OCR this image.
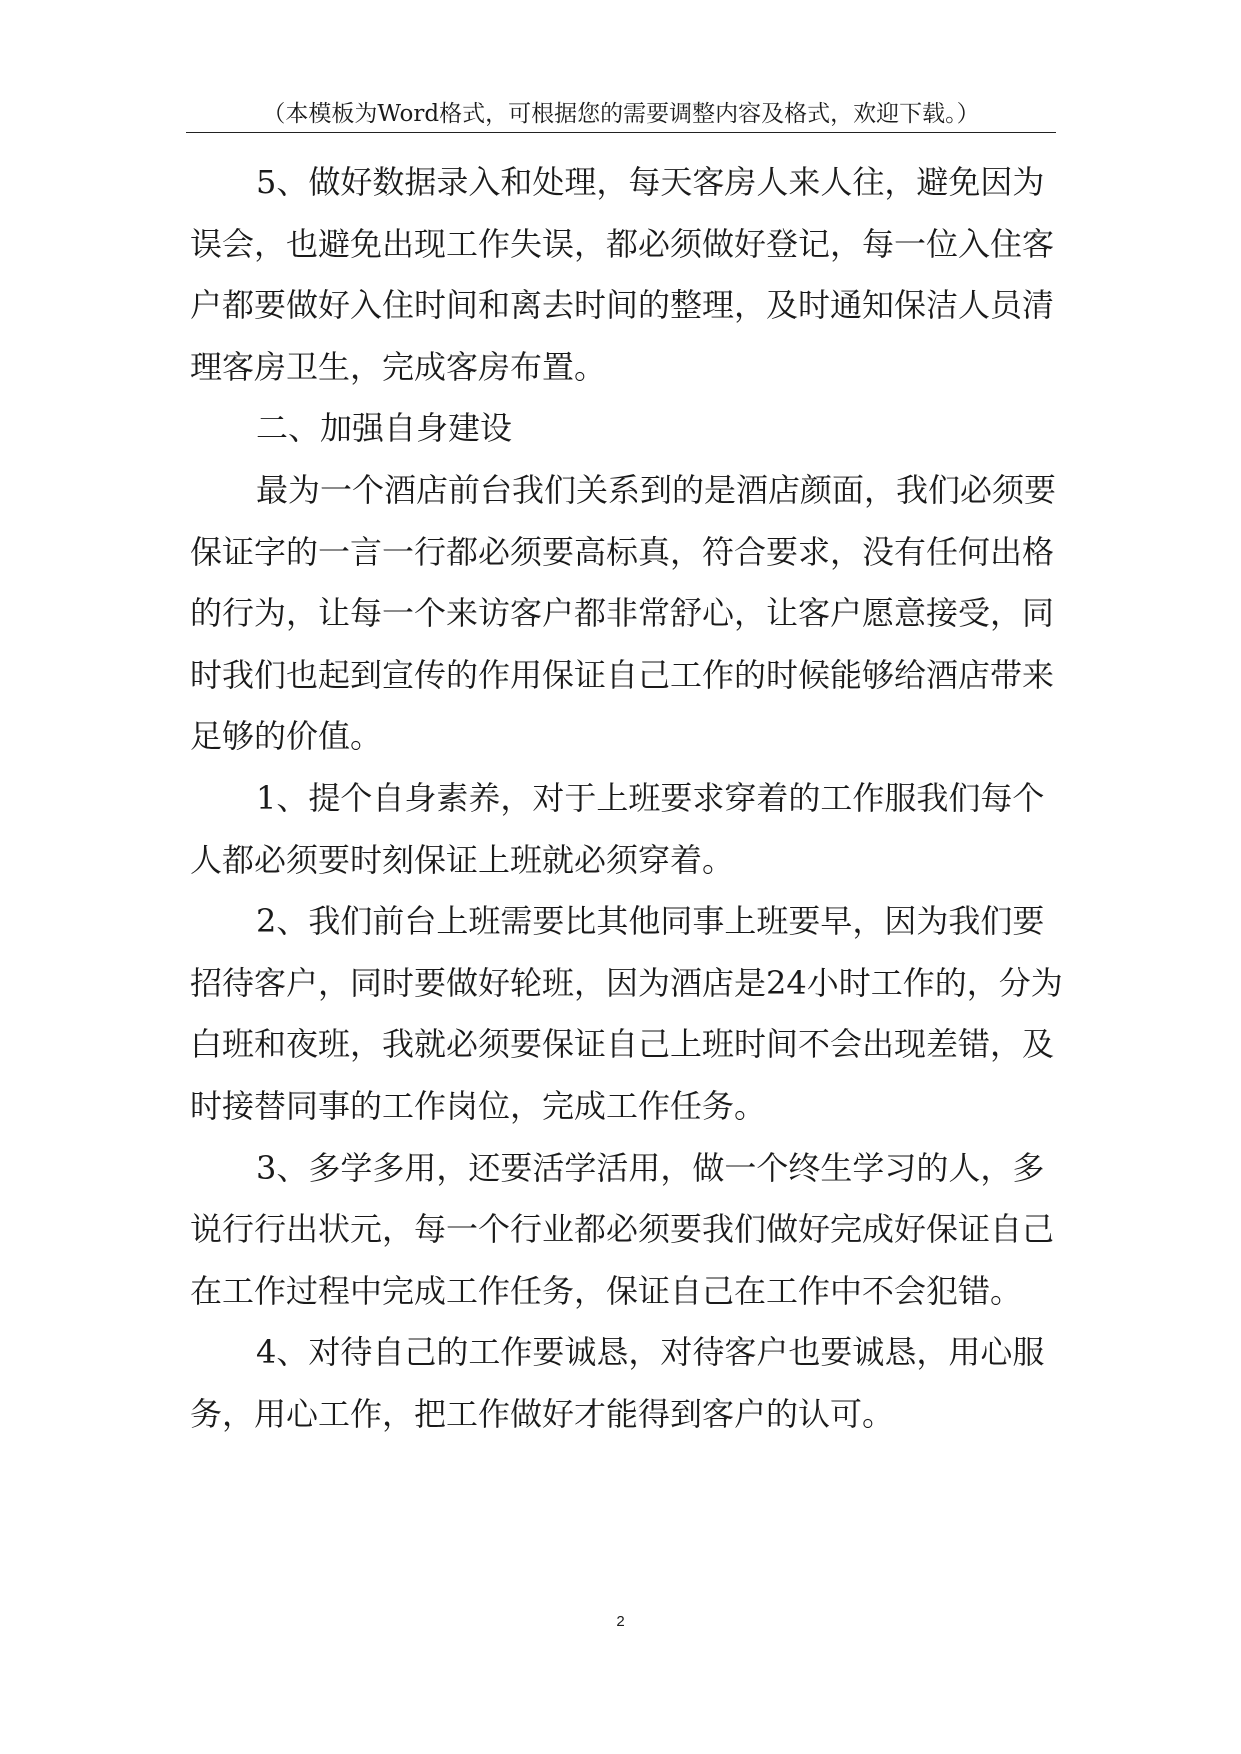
（本模板为Word格式，可根据您的需要调整内容及格式，欢迎下载。）

5、做好数据录入和处理，每天客房人来人往，避免因为误会，也避免出现工作失误，都必须做好登记，每一位入住客户都要做好入住时间和离去时间的整理，及时通知保洁人员清理客房卫生，完成客房布置。

二、加强自身建设

最为一个酒店前台我们关系到的是酒店颜面，我们必须要保证字的一言一行都必须要高标真，符合要求，没有任何出格的行为，让每一个来访客户都非常舒心，让客户愿意接受，同时我们也起到宣传的作用保证自己工作的时候能够给酒店带来足够的价值。

1、提个自身素养，对于上班要求穿着的工作服我们每个人都必须要时刻保证上班就必须穿着。

2、我们前台上班需要比其他同事上班要早，因为我们要招待客户，同时要做好轮班，因为酒店是24小时工作的，分为白班和夜班，我就必须要保证自己上班时间不会出现差错，及时接替同事的工作岗位，完成工作任务。

3、多学多用，还要活学活用，做一个终生学习的人，多说行行出状元，每一个行业都必须要我们做好完成好保证自己在工作过程中完成工作任务，保证自己在工作中不会犯错。

4、对待自己的工作要诚恳，对待客户也要诚恳，用心服务，用心工作，把工作做好才能得到客户的认可。

2
